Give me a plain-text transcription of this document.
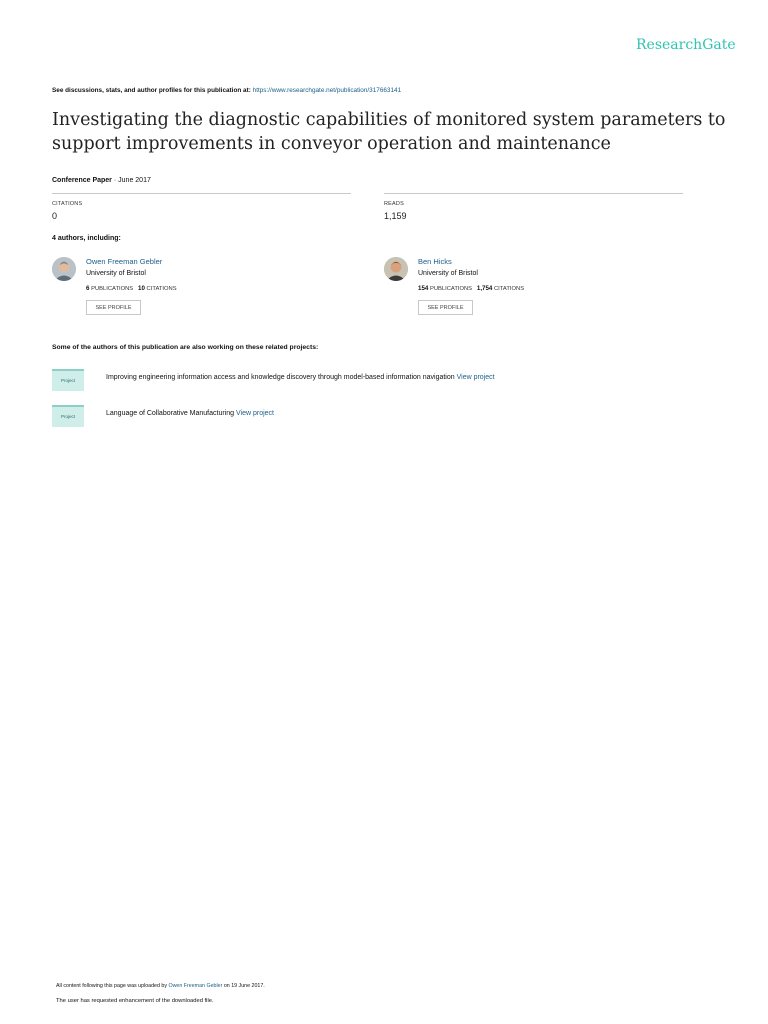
ResearchGate
See discussions, stats, and author profiles for this publication at: https://www.researchgate.net/publication/317663141
Investigating the diagnostic capabilities of monitored system parameters to support improvements in conveyor operation and maintenance
Conference Paper · June 2017
CITATIONS
0
READS
1,159
4 authors, including:
Owen Freeman Gebler
University of Bristol
6 PUBLICATIONS 10 CITATIONS
SEE PROFILE
Ben Hicks
University of Bristol
154 PUBLICATIONS 1,754 CITATIONS
SEE PROFILE
Some of the authors of this publication are also working on these related projects:
Project	Improving engineering information access and knowledge discovery through model-based information navigation View project
Project	Language of Collaborative Manufacturing View project
All content following this page was uploaded by Owen Freeman Gebler on 19 June 2017.
The user has requested enhancement of the downloaded file.
